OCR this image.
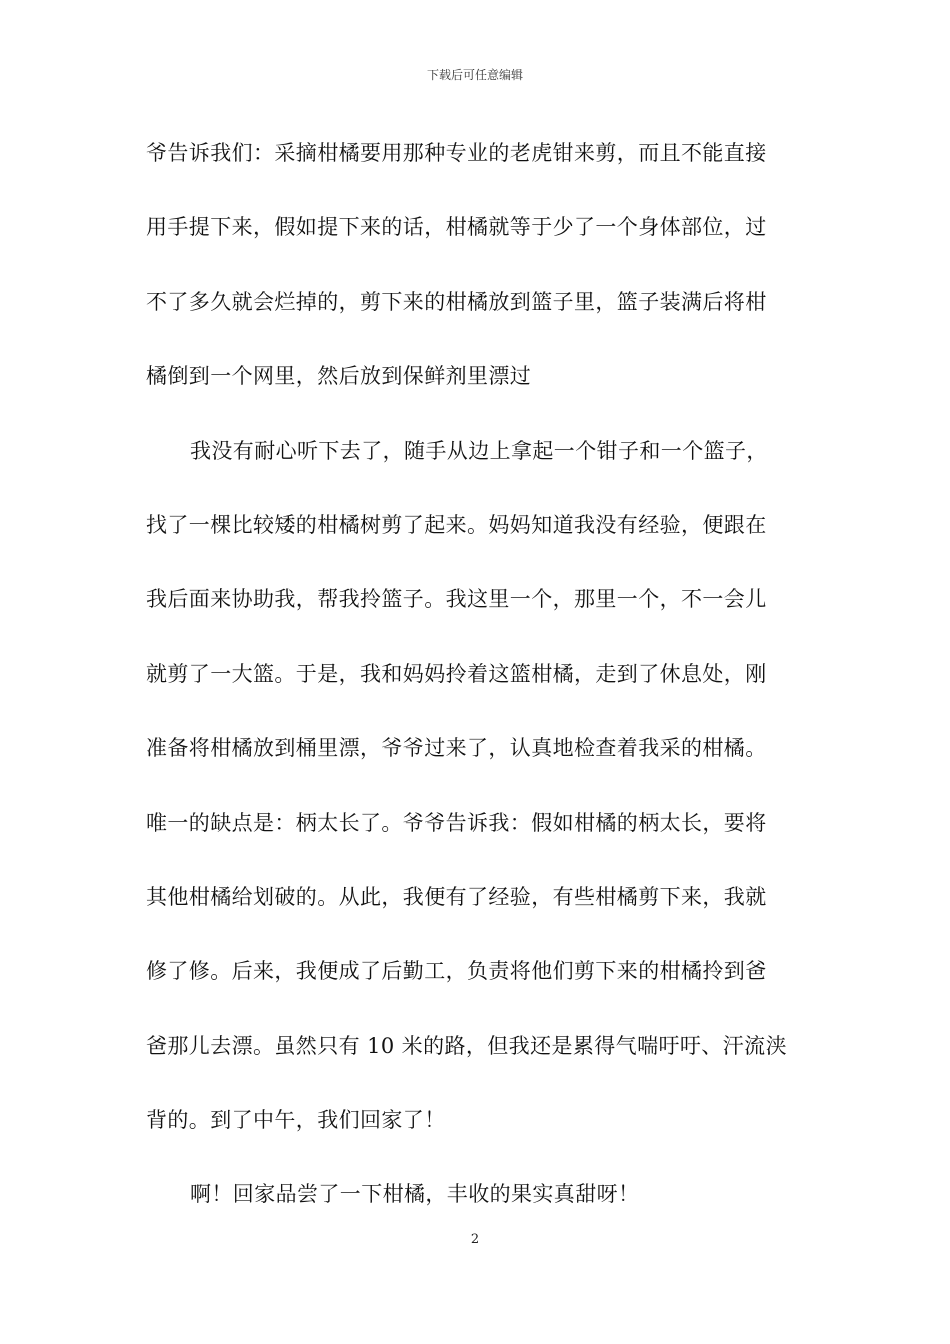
下载后可任意编辑
爷告诉我们：采摘柑橘要用那种专业的老虎钳来剪，而且不能直接
用手提下来，假如提下来的话，柑橘就等于少了一个身体部位，过
不了多久就会烂掉的，剪下来的柑橘放到篮子里，篮子装满后将柑
橘倒到一个网里，然后放到保鲜剂里漂过
我没有耐心听下去了，随手从边上拿起一个钳子和一个篮子，
找了一棵比较矮的柑橘树剪了起来。妈妈知道我没有经验，便跟在
我后面来协助我，帮我拎篮子。我这里一个，那里一个，不一会儿
就剪了一大篮。于是，我和妈妈拎着这篮柑橘，走到了休息处，刚
准备将柑橘放到桶里漂，爷爷过来了，认真地检查着我采的柑橘。
唯一的缺点是：柄太长了。爷爷告诉我：假如柑橘的柄太长，要将
其他柑橘给划破的。从此，我便有了经验，有些柑橘剪下来，我就
修了修。后来，我便成了后勤工，负责将他们剪下来的柑橘拎到爸
爸那儿去漂。虽然只有 10 米的路，但我还是累得气喘吁吁、汗流浃
背的。到了中午，我们回家了！
啊！回家品尝了一下柑橘，丰收的果实真甜呀！
2
